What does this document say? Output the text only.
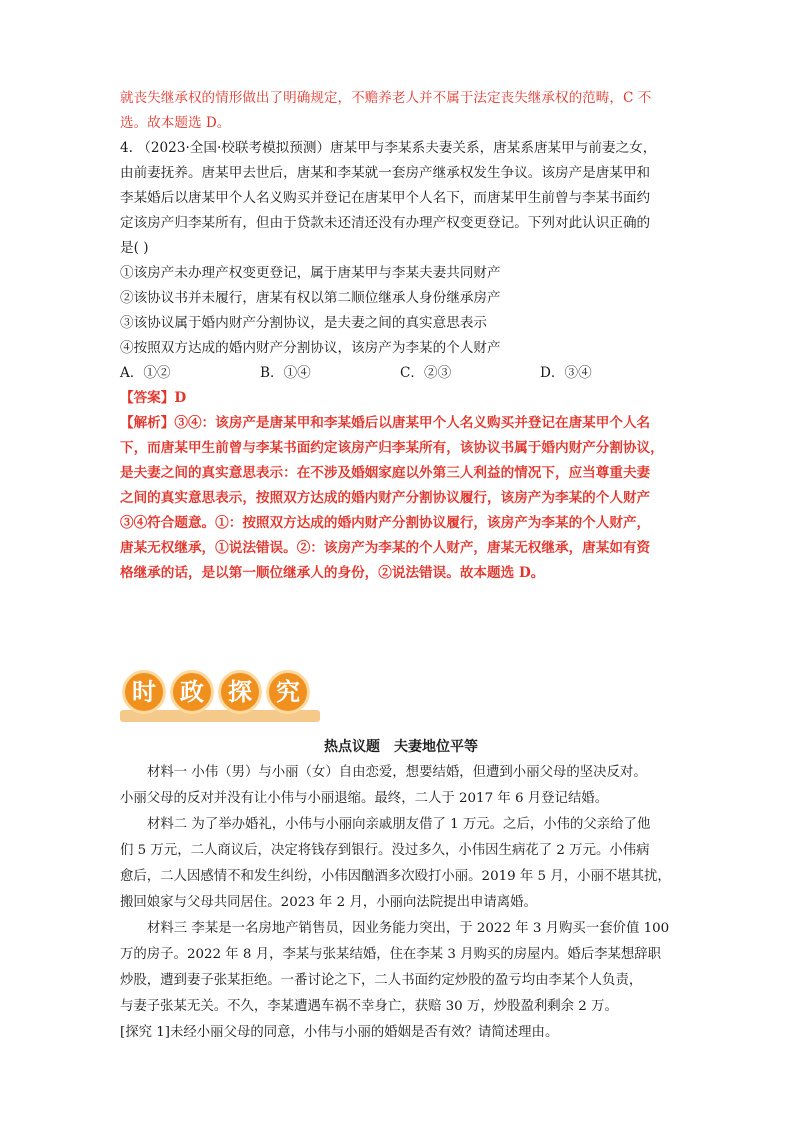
就丧失继承权的情形做出了明确规定，不赡养老人并不属于法定丧失继承权的范畴，C 不
选。故本题选 D。
4. （2023·全国·校联考模拟预测）唐某甲与李某系夫妻关系，唐某系唐某甲与前妻之女，
由前妻抚养。唐某甲去世后，唐某和李某就一套房产继承权发生争议。该房产是唐某甲和
李某婚后以唐某甲个人名义购买并登记在唐某甲个人名下，而唐某甲生前曾与李某书面约
定该房产归李某所有，但由于贷款未还清还没有办理产权变更登记。下列对此认识正确的
是( )
①该房产未办理产权变更登记，属于唐某甲与李某夫妻共同财产
②该协议书并未履行，唐某有权以第二顺位继承人身份继承房产
③该协议属于婚内财产分割协议，是夫妻之间的真实意思表示
④按照双方达成的婚内财产分割协议，该房产为李某的个人财产
A．①②	B．①④	C．②③	D．③④
【答案】D
【解析】③④：该房产是唐某甲和李某婚后以唐某甲个人名义购买并登记在唐某甲个人名
下，而唐某甲生前曾与李某书面约定该房产归李某所有，该协议书属于婚内财产分割协议，
是夫妻之间的真实意思表示：在不涉及婚姻家庭以外第三人利益的情况下，应当尊重夫妻
之间的真实意思表示，按照双方达成的婚内财产分割协议履行，该房产为李某的个人财产
③④符合题意。①：按照双方达成的婚内财产分割协议履行，该房产为李某的个人财产，
唐某无权继承，①说法错误。②：该房产为李某的个人财产，唐某无权继承，唐某如有资
格继承的话，是以第一顺位继承人的身份，②说法错误。故本题选 D。
时	政	探	究
热点议题　夫妻地位平等
材料一 小伟（男）与小丽（女）自由恋爱，想要结婚，但遭到小丽父母的坚决反对。
小丽父母的反对并没有让小伟与小丽退缩。最终，二人于 2017 年 6 月登记结婚。
材料二 为了举办婚礼，小伟与小丽向亲戚朋友借了 1 万元。之后，小伟的父亲给了他
们 5 万元，二人商议后，决定将钱存到银行。没过多久，小伟因生病花了 2 万元。小伟病
愈后，二人因感情不和发生纠纷，小伟因酗酒多次殴打小丽。2019 年 5 月，小丽不堪其扰，
搬回娘家与父母共同居住。2023 年 2 月，小丽向法院提出申请离婚。
材料三 李某是一名房地产销售员，因业务能力突出，于 2022 年 3 月购买一套价值 100
万的房子。2022 年 8 月，李某与张某结婚，住在李某 3 月购买的房屋内。婚后李某想辞职
炒股，遭到妻子张某拒绝。一番讨论之下，二人书面约定炒股的盈亏均由李某个人负责，
与妻子张某无关。不久，李某遭遇车祸不幸身亡，获赔 30 万，炒股盈利剩余 2 万。
[探究 1]未经小丽父母的同意，小伟与小丽的婚姻是否有效？请简述理由。
